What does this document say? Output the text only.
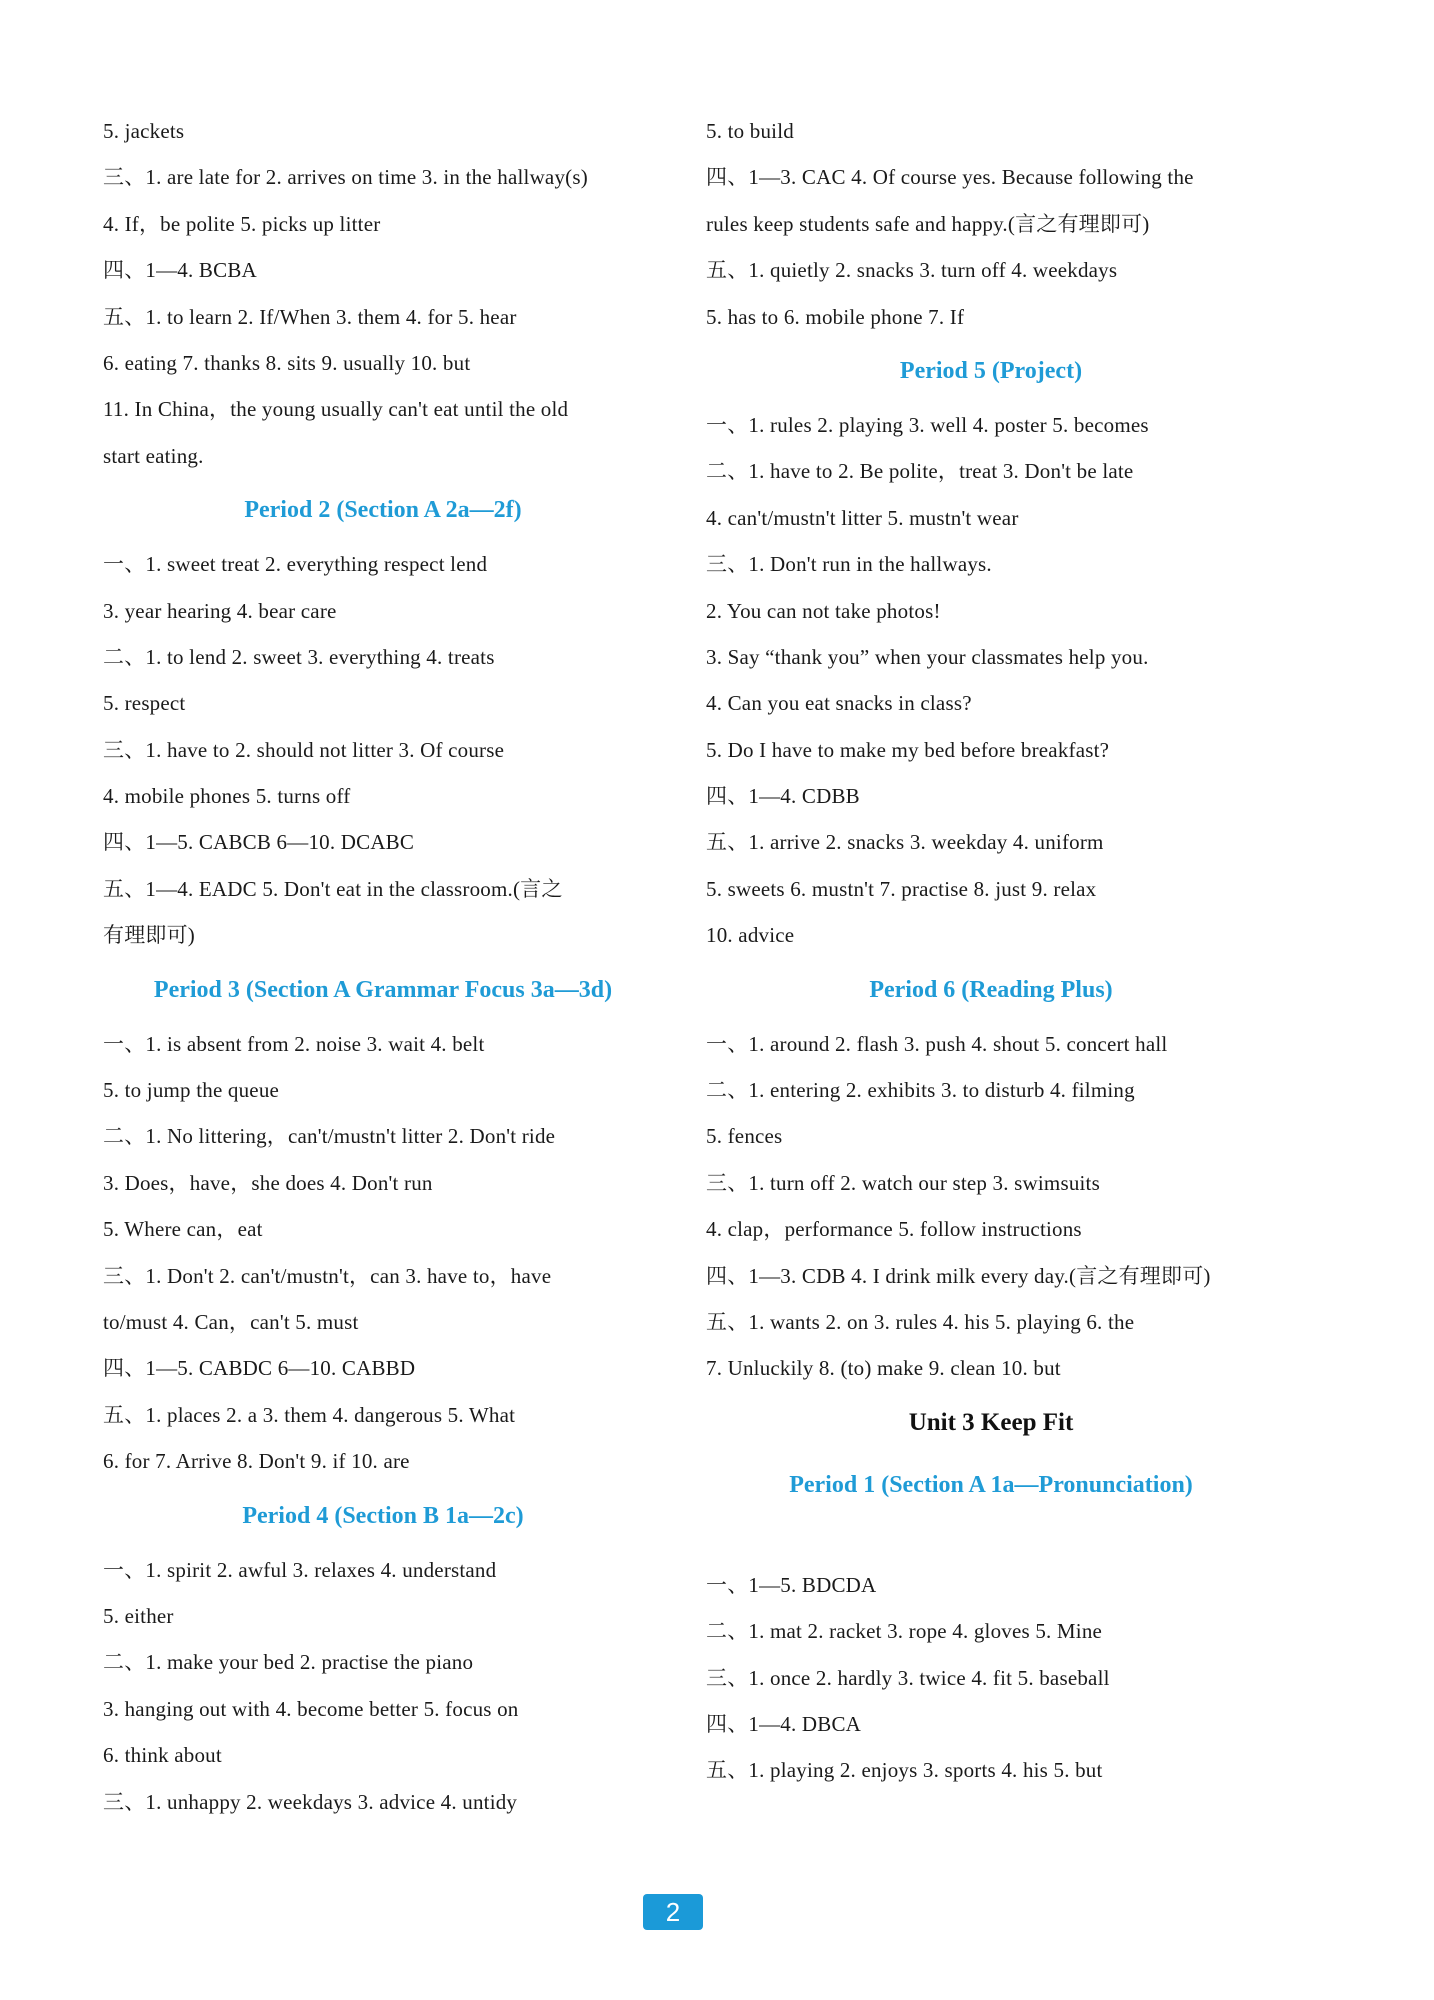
5. jackets
三、1. are late for 2. arrives on time 3. in the hallway(s)
4. If，be polite 5. picks up litter
四、1—4. BCBA
五、1. to learn 2. If/When 3. them 4. for 5. hear
6. eating 7. thanks 8. sits 9. usually 10. but
11. In China，the young usually can't eat until the old
start eating.
Period 2 (Section A 2a—2f)
一、1. sweet treat 2. everything respect lend
3. year hearing 4. bear care
二、1. to lend 2. sweet 3. everything 4. treats
5. respect
三、1. have to 2. should not litter 3. Of course
4. mobile phones 5. turns off
四、1—5. CABCB 6—10. DCABC
五、1—4. EADC 5. Don't eat in the classroom.(言之
有理即可)
Period 3 (Section A Grammar Focus 3a—3d)
一、1. is absent from 2. noise 3. wait 4. belt
5. to jump the queue
二、1. No littering，can't/mustn't litter 2. Don't ride
3. Does，have，she does 4. Don't run
5. Where can，eat
三、1. Don't 2. can't/mustn't，can 3. have to，have
to/must 4. Can，can't 5. must
四、1—5. CABDC 6—10. CABBD
五、1. places 2. a 3. them 4. dangerous 5. What
6. for 7. Arrive 8. Don't 9. if 10. are
Period 4 (Section B 1a—2c)
一、1. spirit 2. awful 3. relaxes 4. understand
5. either
二、1. make your bed 2. practise the piano
3. hanging out with 4. become better 5. focus on
6. think about
三、1. unhappy 2. weekdays 3. advice 4. untidy
5. to build
四、1—3. CAC 4. Of course yes. Because following the
rules keep students safe and happy.(言之有理即可)
五、1. quietly 2. snacks 3. turn off 4. weekdays
5. has to 6. mobile phone 7. If
Period 5 (Project)
一、1. rules 2. playing 3. well 4. poster 5. becomes
二、1. have to 2. Be polite，treat 3. Don't be late
4. can't/mustn't litter 5. mustn't wear
三、1. Don't run in the hallways.
2. You can not take photos!
3. Say “thank you” when your classmates help you.
4. Can you eat snacks in class?
5. Do I have to make my bed before breakfast?
四、1—4. CDBB
五、1. arrive 2. snacks 3. weekday 4. uniform
5. sweets 6. mustn't 7. practise 8. just 9. relax
10. advice
Period 6 (Reading Plus)
一、1. around 2. flash 3. push 4. shout 5. concert hall
二、1. entering 2. exhibits 3. to disturb 4. filming
5. fences
三、1. turn off 2. watch our step 3. swimsuits
4. clap，performance 5. follow instructions
四、1—3. CDB 4. I drink milk every day.(言之有理即可)
五、1. wants 2. on 3. rules 4. his 5. playing 6. the
7. Unluckily 8. (to) make 9. clean 10. but
Unit 3 Keep Fit
Period 1 (Section A 1a—Pronunciation)
一、1—5. BDCDA
二、1. mat 2. racket 3. rope 4. gloves 5. Mine
三、1. once 2. hardly 3. twice 4. fit 5. baseball
四、1—4. DBCA
五、1. playing 2. enjoys 3. sports 4. his 5. but
2
